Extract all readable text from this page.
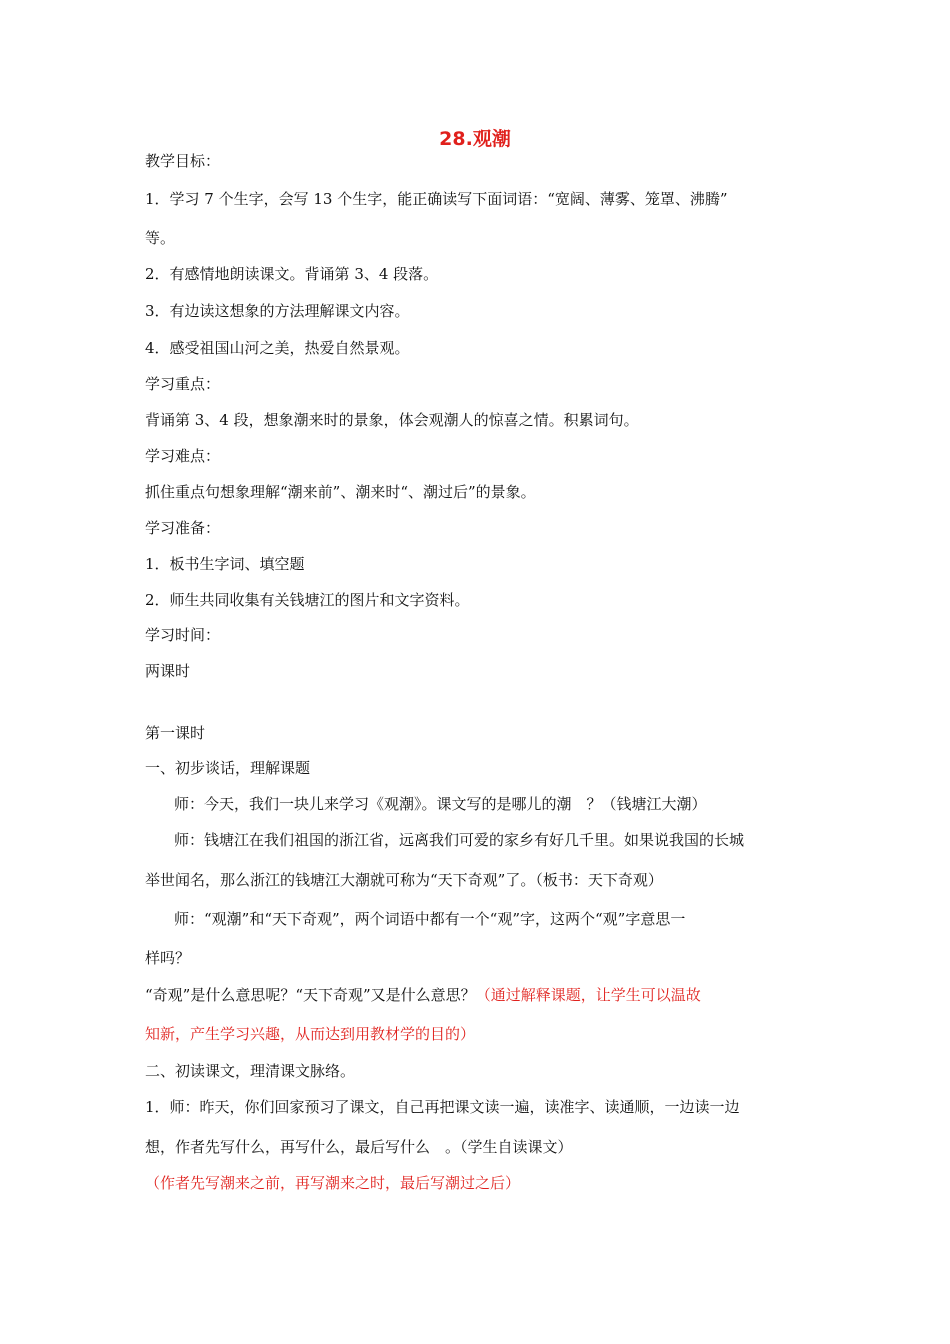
28.观潮
教学目标：
1．学习 7 个生字，会写 13 个生字，能正确读写下面词语：“宽阔、薄雾、笼罩、沸腾”
等。
2．有感情地朗读课文。背诵第 3、4 段落。
3．有边读这想象的方法理解课文内容。
4．感受祖国山河之美，热爱自然景观。
学习重点：
背诵第 3、4 段，想象潮来时的景象，体会观潮人的惊喜之情。积累词句。
学习难点：
抓住重点句想象理解“潮来前”、潮来时“、潮过后”的景象。
学习准备：
1．板书生字词、填空题
2．师生共同收集有关钱塘江的图片和文字资料。
学习时间：
两课时
第一课时
一、初步谈话，理解课题
师：今天，我们一块儿来学习《观潮》。课文写的是哪儿的潮　？（钱塘江大潮）
师：钱塘江在我们祖国的浙江省，远离我们可爱的家乡有好几千里。如果说我国的长城
举世闻名，那么浙江的钱塘江大潮就可称为“天下奇观”了。（板书：天下奇观）
师：“观潮”和“天下奇观”，两个词语中都有一个“观”字，这两个“观”字意思一
样吗？
“奇观”是什么意思呢？“天下奇观”又是什么意思？（通过解释课题，让学生可以温故
知新，产生学习兴趣，从而达到用教材学的目的）
二、初读课文，理清课文脉络。
1．师：昨天，你们回家预习了课文，自己再把课文读一遍，读准字、读通顺，一边读一边
想，作者先写什么，再写什么，最后写什么　。（学生自读课文）
（作者先写潮来之前，再写潮来之时，最后写潮过之后）
